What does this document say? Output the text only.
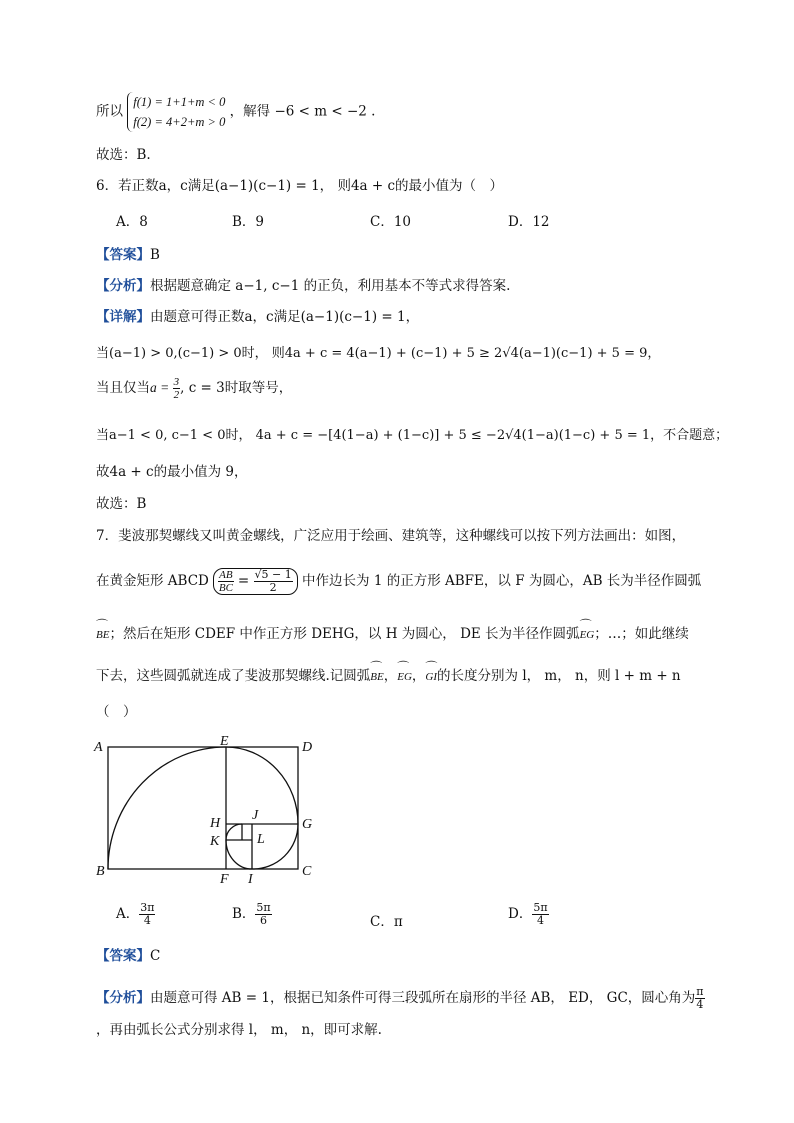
所以
f(1) = 1+1+m < 0
f(2) = 4+2+m > 0
，解得 −6 < m < −2 .
故选：B.
6．若正数a，c满足(a−1)(c−1) = 1， 则4a + c的最小值为（　）
A．8	B．9	C．10	D．12
【答案】B
【分析】根据题意确定 a−1, c−1 的正负，利用基本不等式求得答案.
【详解】由题意可得正数a，c满足(a−1)(c−1) = 1，
当(a−1) > 0,(c−1) > 0时， 则4a + c = 4(a−1) + (c−1) + 5 ≥ 2√4(a−1)(c−1) + 5 = 9，
当且仅当$a = \frac{3}{2}$ , c = 3时取等号，
当a−1 < 0, c−1 < 0时， 4a + c = −[4(1−a) + (1−c)] + 5 ≤ −2√4(1−a)(1−c) + 5 = 1，不合题意；
故4a + c的最小值为 9，
故选：B
7．斐波那契螺线又叫黄金螺线，广泛应用于绘画、建筑等，这种螺线可以按下列方法画出：如图，
在黄金矩形 ABCD $\frac{AB}{BC} = \frac{√5 - 1}{2}$ 中作边长为 1 的正方形 ABFE，以 F 为圆心，AB 长为半径作圆弧
⌒ BE；然后在矩形 CDEF 中作正方形 DEHG，以 H 为圆心， DE 长为半径作圆弧⌒ EG；…；如此继续
下去，这些圆弧就连成了斐波那契螺线.记圆弧⌒ BE，⌒ EG，⌒ GI的长度分别为 l， m， n，则 l + m + n
（　）
A	E	D
H
J
G
K	L
B
F I
C
A． $\frac{3\pi}{4}$	B． $\frac{5\pi}{6}$	C．π	D． $\frac{5\pi}{4}$
【答案】C
【分析】由题意可得 AB = 1，根据已知条件可得三段弧所在扇形的半径 AB， ED， GC，圆心角为 $\frac{\pi}{4}$
，再由弧长公式分别求得 l， m， n，即可求解.
